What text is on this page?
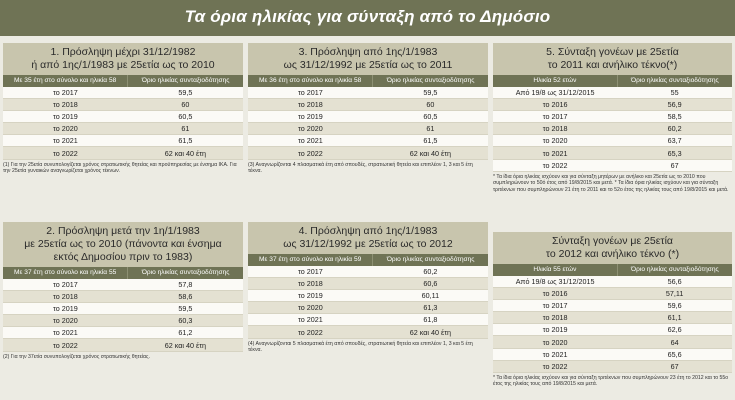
Τα όρια ηλικίας για σύνταξη από το Δημόσιο
1. Πρόσληψη μέχρι 31/12/1982
ή από 1ης/1/1983 με 25ετία ως το 2010
Με 35 έτη στο σύνολο και ηλικία 58	Όριο ηλικίας συνταξιοδότησης
το 2017	59,5
το 2018	60
το 2019	60,5
το 2020	61
το 2021	61,5
το 2022	62 και 40 έτη
(1) Για την 25ετία συνυπολογίζεται χρόνος στρατιωτικής θητείας και προϋπηρεσίας με ένσημα ΙΚΑ. Για την 25ετία γυναικών αναγνωρίζεται χρόνος τέκνων.
2. Πρόσληψη μετά την 1η/1/1983
με 25ετία ως το 2010 (πάνοντα και ένσημα
εκτός Δημοσίου πριν το 1983)
Με 37 έτη στο σύνολο και ηλικία 55	Όριο ηλικίας συνταξιοδότησης
το 2017	57,8
το 2018	58,6
το 2019	59,5
το 2020	60,3
το 2021	61,2
το 2022	62 και 40 έτη
(2) Για την 37ετία συνυπολογίζεται χρόνος στρατιωτικής θητείας.
3. Πρόσληψη από 1ης/1/1983
ως 31/12/1992 με 25ετία ως το 2011
Με 36 έτη στο σύνολο και ηλικία 58	Όριο ηλικίας συνταξιοδότησης
το 2017	59,5
το 2018	60
το 2019	60,5
το 2020	61
το 2021	61,5
το 2022	62 και 40 έτη
(3) Αναγνωρίζονται 4 πλασματικά έτη από σπουδές, στρατιωτική θητεία και επιπλέον 1, 3 και 5 έτη τέκνα.
4. Πρόσληψη από 1ης/1/1983
ως 31/12/1992 με 25ετία ως το 2012
Με 37 έτη στο σύνολο και ηλικία 59	Όριο ηλικίας συνταξιοδότησης
το 2017	60,2
το 2018	60,6
το 2019	60,11
το 2020	61,3
το 2021	61,8
το 2022	62 και 40 έτη
(4) Αναγνωρίζονται 5 πλασματικά έτη από σπουδές, στρατιωτική θητεία και επιπλέον 1, 3 και 5 έτη τέκνα.
5. Σύνταξη γονέων με 25ετία
το 2011 και ανήλικο τέκνο(*)
Ηλικία 52 ετών	Όριο ηλικίας συνταξιοδότησης
Από 19/8 ως 31/12/2015	55
το 2016	56,9
το 2017	58,5
το 2018	60,2
το 2020	63,7
το 2021	65,3
το 2022	67
* Τα ίδια όρια ηλικίας ισχύουν και για σύνταξη μητέρων με ανήλικο και 25ετία ως το 2010 που συμπληρώνουν το 50ό έτος από 19/8/2015 και μετά. * Τα ίδια όρια ηλικίας ισχύουν και για σύνταξη τριτέκνων που συμπληρώνουν 21 έτη το 2011 και το 52ο έτος της ηλικίας τους από 19/8/2015 και μετά.
Σύνταξη γονέων με 25ετία
το 2012 και ανήλικο τέκνο (*)
Ηλικία 55 ετών	Όριο ηλικίας συνταξιοδότησης
Από 19/8 ως 31/12/2015	56,6
το 2016	57,11
το 2017	59,6
το 2018	61,1
το 2019	62,6
το 2020	64
το 2021	65,6
το 2022	67
* Τα ίδια όρια ηλικίας ισχύουν και για σύνταξη τριτέκνων που συμπληρώνουν 23 έτη το 2012 και το 55ο έτος της ηλικίας τους από 19/8/2015 και μετά.
